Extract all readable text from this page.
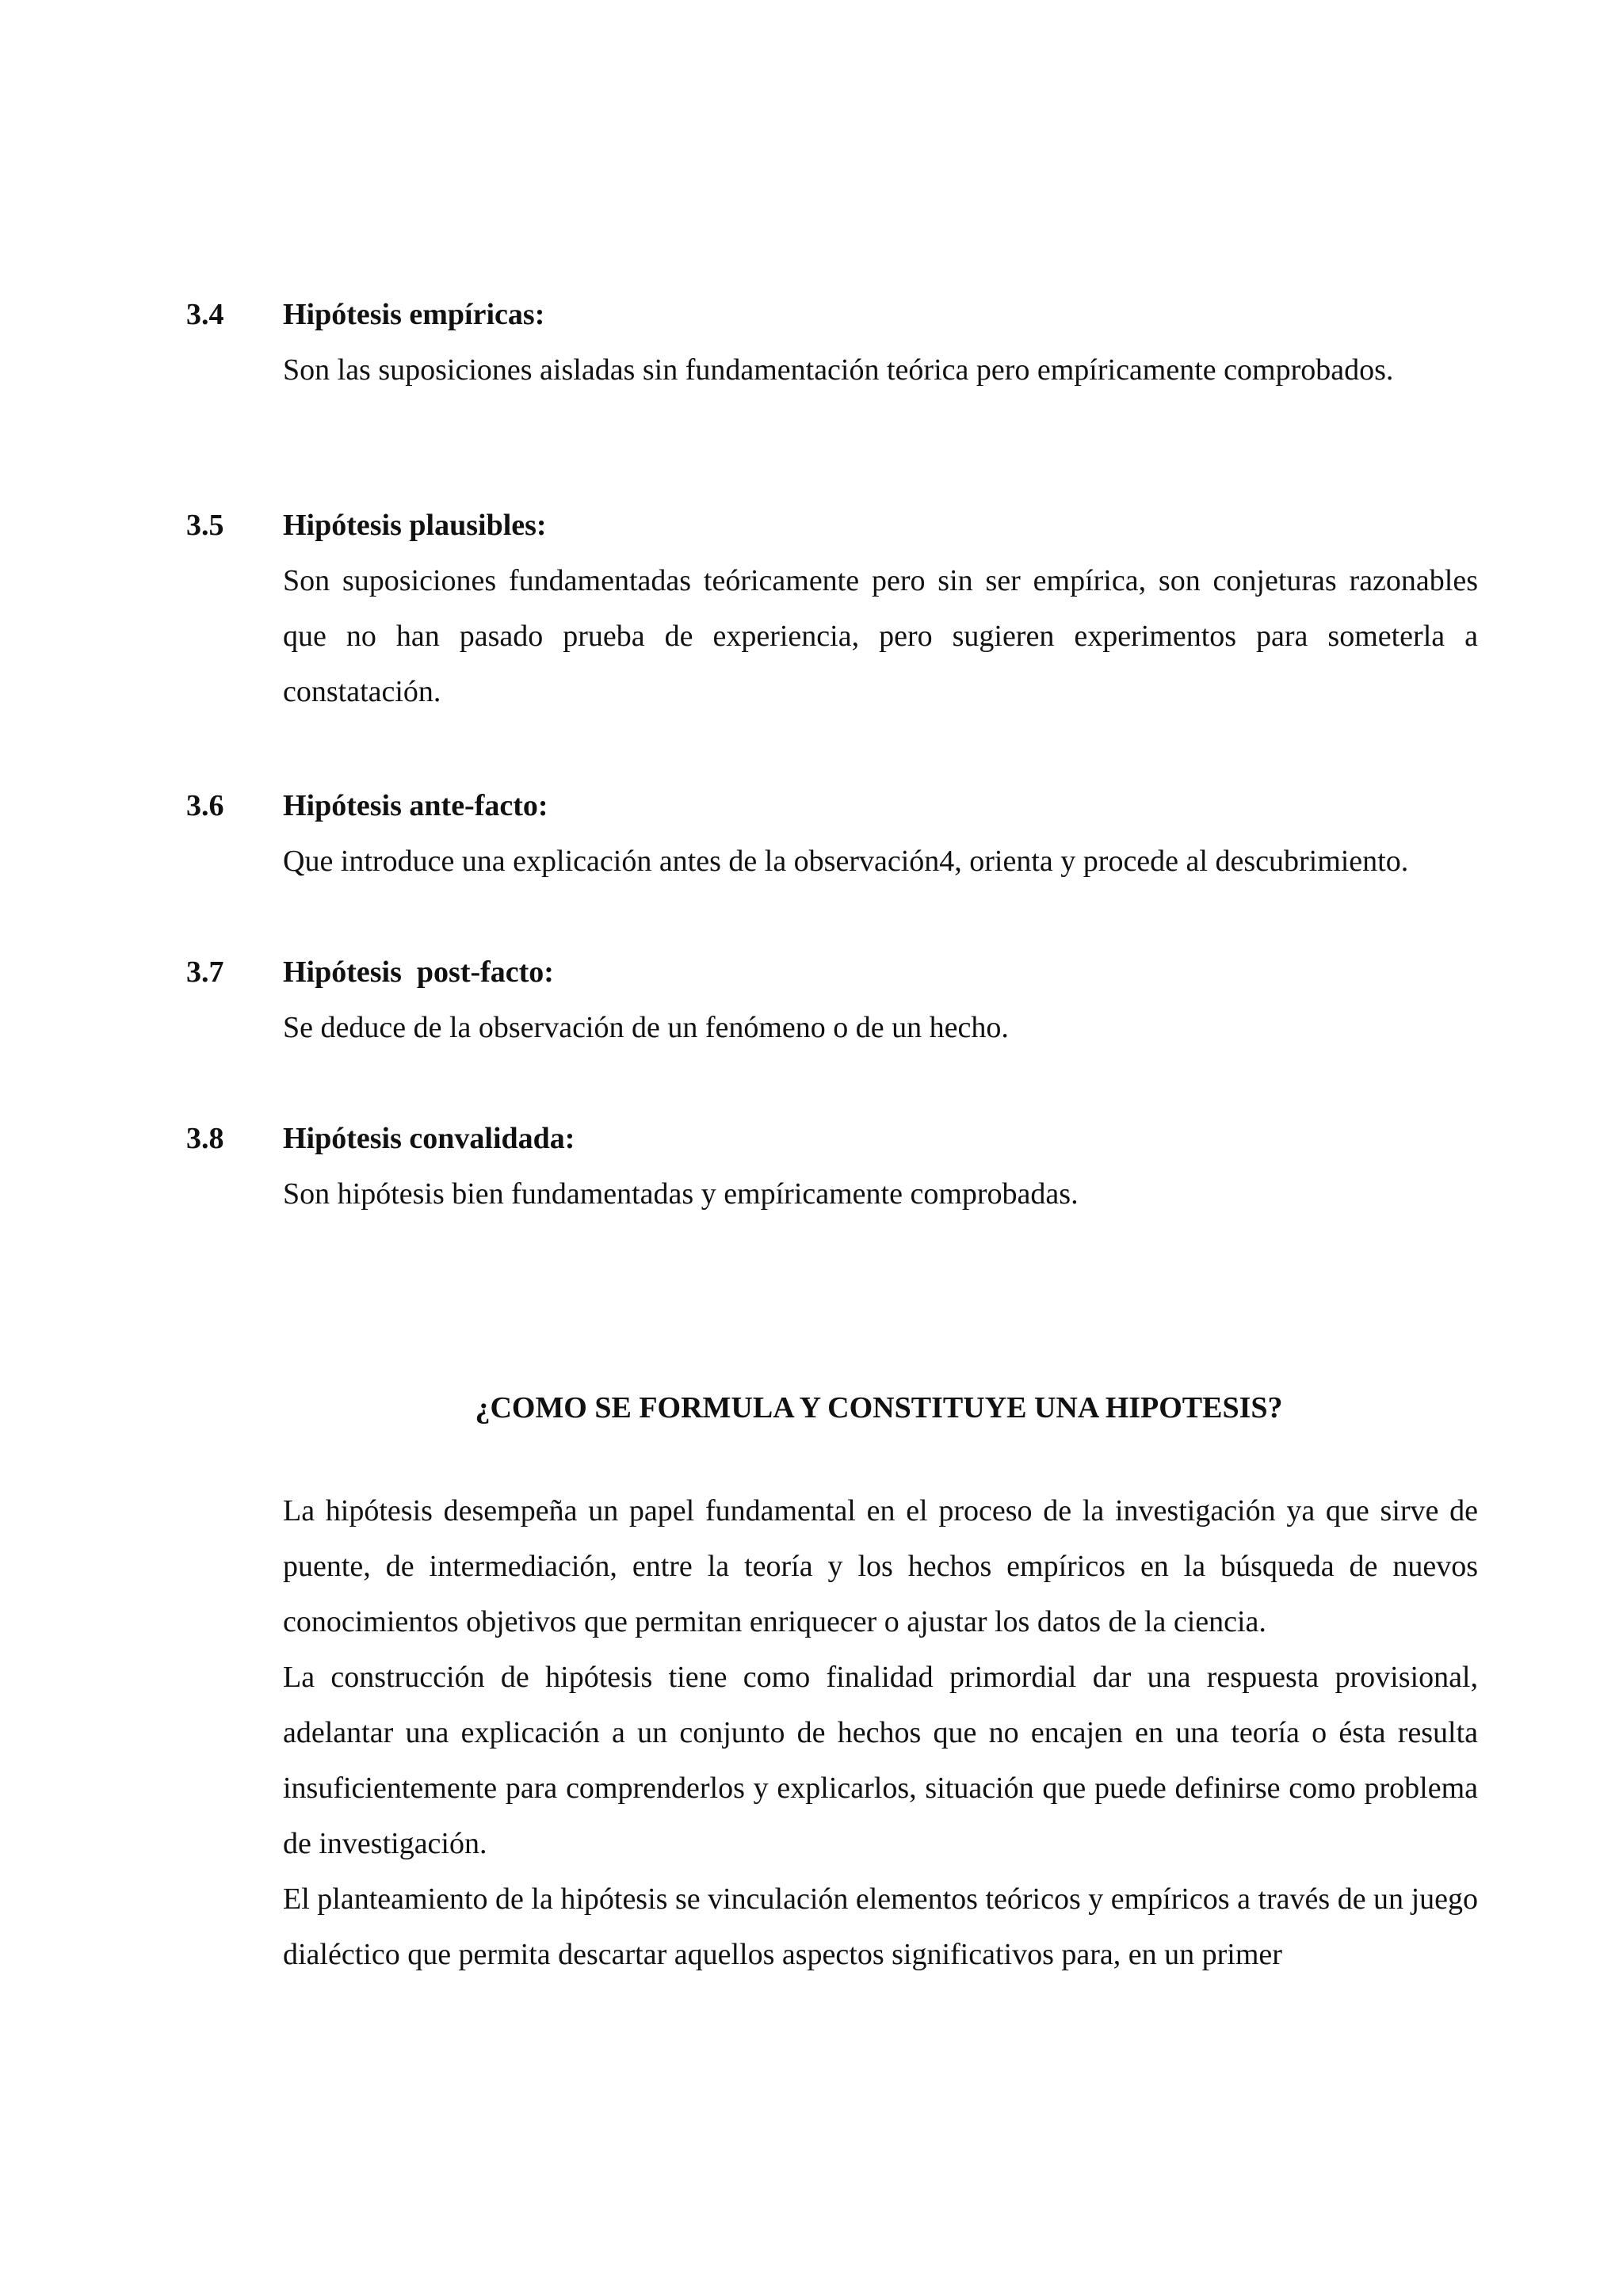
3.4 Hipótesis empíricas:
Son las suposiciones aisladas sin fundamentación teórica pero empíricamente comprobados.
3.5 Hipótesis plausibles:
Son suposiciones fundamentadas teóricamente pero sin ser empírica, son conjeturas razonables que no han pasado prueba de experiencia, pero sugieren experimentos para someterla a constatación.
3.6 Hipótesis ante-facto:
Que introduce una explicación antes de la observación4, orienta y procede al descubrimiento.
3.7 Hipótesis  post-facto:
Se deduce de la observación de un fenómeno o de un hecho.
3.8 Hipótesis convalidada:
Son hipótesis bien fundamentadas y empíricamente comprobadas.
¿COMO SE FORMULA Y CONSTITUYE UNA HIPOTESIS?

La hipótesis desempeña un papel fundamental en el proceso de la investigación ya que sirve de puente, de intermediación, entre la teoría y los hechos empíricos en la búsqueda de nuevos conocimientos objetivos que permitan enriquecer o ajustar los datos de la ciencia.

La construcción de hipótesis tiene como finalidad primordial dar una respuesta provisional, adelantar una explicación a un conjunto de hechos que no encajen en una teoría o ésta resulta insuficientemente para comprenderlos y explicarlos, situación que puede definirse como problema de investigación.

El planteamiento de la hipótesis se vinculación elementos teóricos y empíricos a través de un juego dialéctico que permita descartar aquellos aspectos significativos para, en un primer
